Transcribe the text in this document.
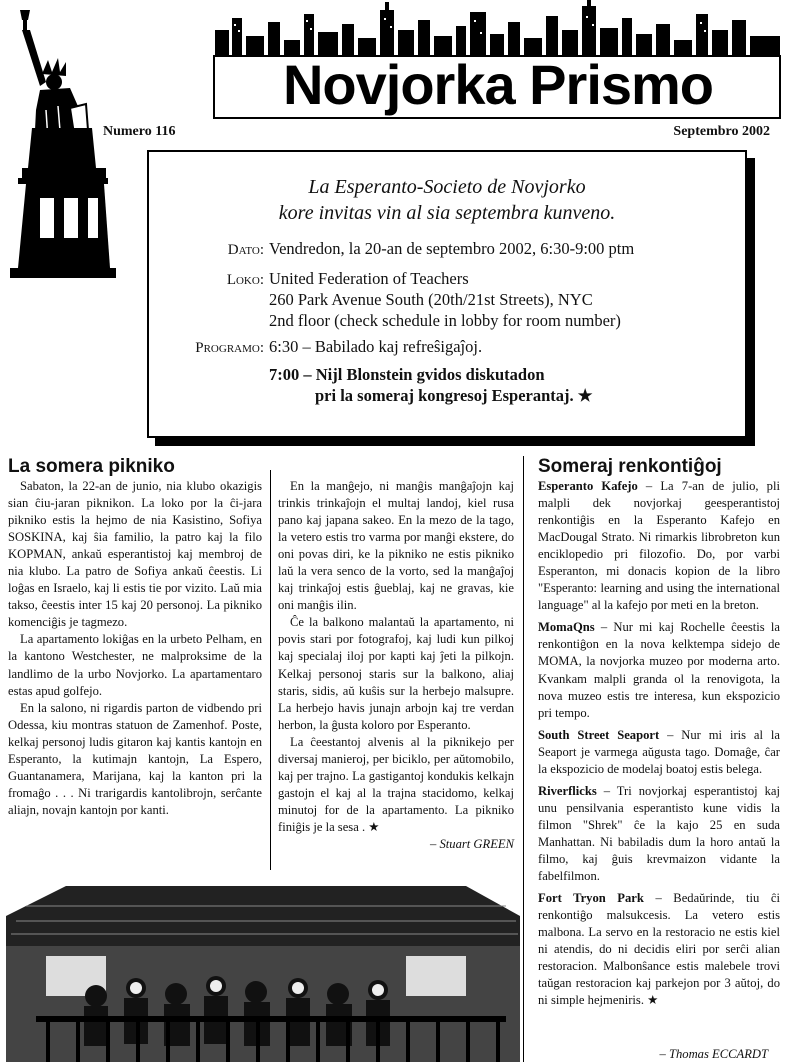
Novjorka Prismo
Numero 116	Septembro 2002
La Esperanto-Societo de Novjorko
kore invitas vin al sia septembra kunveno.
Dato: Vendredon, la 20-an de septembro 2002, 6:30-9:00 ptm
Loko: United Federation of Teachers
260 Park Avenue South (20th/21st Streets), NYC
2nd floor (check schedule in lobby for room number)
Programo: 6:30 – Babilado kaj refreŝigaĵoj.
7:00 – Nijl Blonstein gvidos diskutadon
pri la someraj kongresoj Esperantaj. ★
La somera pikniko

Sabaton, la 22-an de junio, nia klubo okazigis sian ĉiu-jaran piknikon. La loko por la ĉi-jara pikniko estis la hejmo de nia Kasistino, Sofiya SOSKINA, kaj ŝia familio, la patro kaj la filo KOPMAN, ankaŭ esperantistoj kaj membroj de nia klubo. La patro de Sofiya ankaŭ ĉeestis. Li loĝas en Israelo, kaj li estis tie por vizito. Laŭ mia takso, ĉeestis inter 15 kaj 20 personoj. La pikniko komenciĝis je tagmezo.

La apartamento lokiĝas en la urbeto Pelham, en la kantono Westchester, ne malproksime de la landlimo de la urbo Novjorko. La apartamentaro estas apud golfejo.

En la salono, ni rigardis parton de vidbendo pri Odessa, kiu montras statuon de Zamenhof. Poste, kelkaj personoj ludis gitaron kaj kantis kantojn en Esperanto, la kutimajn kantojn, La Espero, Guantanamera, Marijana, kaj la kanton pri la fromaĝo . . . Ni trarigardis kantolibrojn, serĉante aliajn, novajn kantojn por kanti.

En la manĝejo, ni manĝis manĝaĵojn kaj trinkis trinkaĵojn el multaj landoj, kiel rusa pano kaj japana sakeo. En la mezo de la tago, la vetero estis tro varma por manĝi ekstere, do oni povas diri, ke la pikniko ne estis pikniko laŭ la vera senco de la vorto, sed la manĝaĵoj kaj trinkaĵoj estis ĝueblaj, kaj ne gravas, kie oni manĝis ilin.

Ĉe la balkono malantaŭ la apartamento, ni povis stari por fotografoj, kaj ludi kun pilkoj kaj specialaj iloj por kapti kaj ĵeti la pilkojn. Kelkaj personoj staris sur la balkono, aliaj staris, sidis, aŭ kuŝis sur la herbejo malsupre. La herbejo havis junajn arbojn kaj tre verdan herbon, la ĝusta koloro por Esperanto.

La ĉeestantoj alvenis al la piknikejo per diversaj manieroj, per biciklo, per aŭtomobilo, kaj per trajno. La gastigantoj kondukis kelkajn gastojn el kaj al la trajna stacidomo, kelkaj minutoj for de la apartamento. La pikniko finiĝis je la sesa . ★

– Stuart GREEN

Someraj renkontiĝoj

Esperanto Kafejo – La 7-an de julio, pli malpli dek novjorkaj geesperantistoj renkontiĝis en la Esperanto Kafejo en MacDougal Strato. Ni rimarkis librobreton kun enciklopedio pri filozofio. Do, por varbi Esperanton, mi donacis kopion de la libro "Esperanto: learning and using the international language" al la kafejo por meti en la breton.

MomaQns – Nur mi kaj Rochelle ĉeestis la renkontiĝon en la nova kelktempa sidejo de MOMA, la novjorka muzeo por moderna arto. Kvankam malpli granda ol la renovigota, la nova muzeo estis tre interesa, kun ekspozicio pri tempo.

South Street Seaport – Nur mi iris al la Seaport je varmega aŭgusta tago. Domaĝe, ĉar la ekspozicio de modelaj boatoj estis belega.

Riverflicks – Tri novjorkaj esperantistoj kaj unu pensilvania esperantisto kune vidis la filmon "Shrek" ĉe la kajo 25 en suda Manhattan. Ni babiladis dum la horo antaŭ la filmo, kaj ĝuis krevmaizon vidante la fabelfilmon.

Fort Tryon Park – Bedaŭrinde, tiu ĉi renkontiĝo malsukcesis. La vetero estis malbona. La servo en la restoracio ne estis kiel ni atendis, do ni decidis eliri por serĉi alian restoracion. Malbonŝance estis malebele trovi taŭgan restoracion kaj parkejon por 3 aŭtoj, do ni simple hejmeniris. ★

– Thomas ECCARDT
